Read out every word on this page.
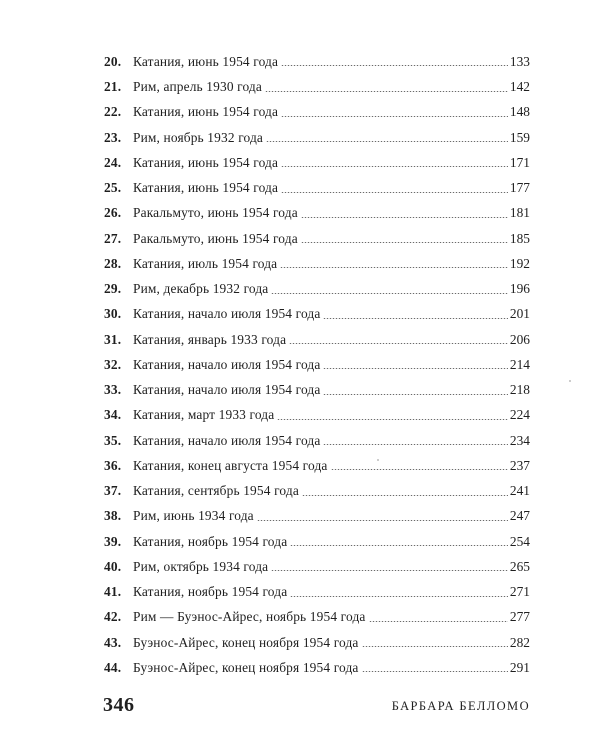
20. Катания, июнь 1954 года	133
21. Рим, апрель 1930 года	142
22. Катания, июнь 1954 года	148
23. Рим, ноябрь 1932 года	159
24. Катания, июнь 1954 года	171
25. Катания, июнь 1954 года	177
26. Ракальмуто, июнь 1954 года	181
27. Ракальмуто, июнь 1954 года	185
28. Катания, июль 1954 года	192
29. Рим, декабрь 1932 года	196
30. Катания, начало июля 1954 года	201
31. Катания, январь 1933 года	206
32. Катания, начало июля 1954 года	214
33. Катания, начало июля 1954 года	218
34. Катания, март 1933 года	224
35. Катания, начало июля 1954 года	234
36. Катания, конец августа 1954 года	237
37. Катания, сентябрь 1954 года	241
38. Рим, июнь 1934 года	247
39. Катания, ноябрь 1954 года	254
40. Рим, октябрь 1934 года	265
41. Катания, ноябрь 1954 года	271
42. Рим — Буэнос-Айрес, ноябрь 1954 года	277
43. Буэнос-Айрес, конец ноября 1954 года	282
44. Буэнос-Айрес, конец ноября 1954 года	291
346	БАРБАРА БЕЛЛОМО
